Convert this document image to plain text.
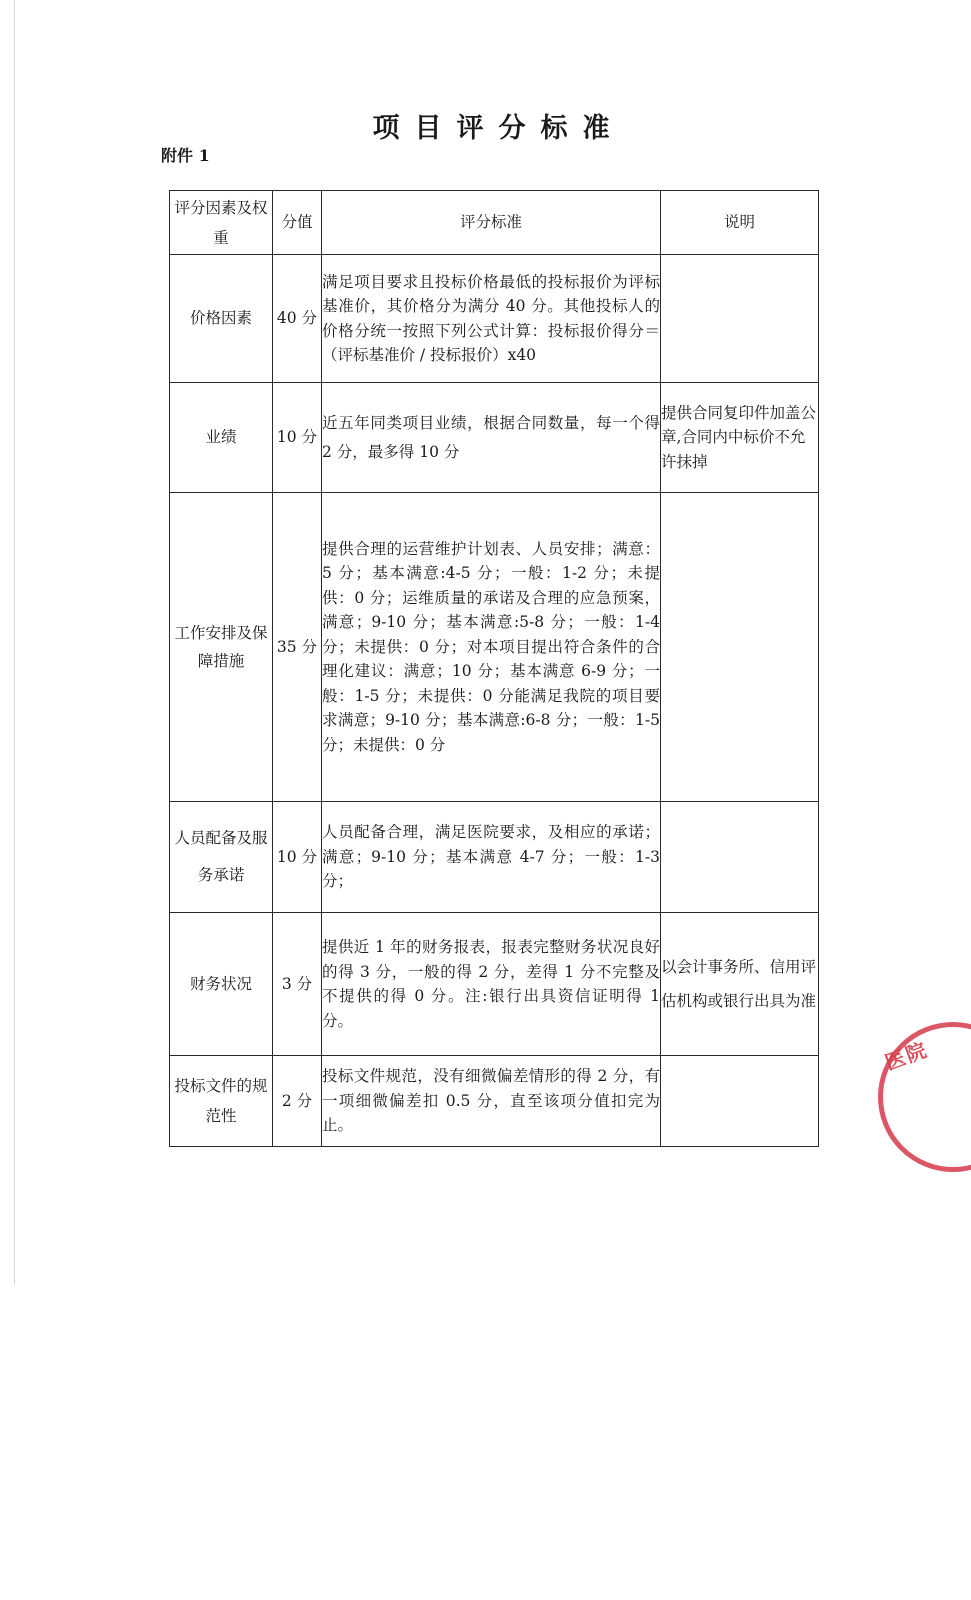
项目评分标准
附件 1
评分因素及权重	分值	评分标准	说明
价格因素	40 分	满足项目要求且投标价格最低的投标报价为评标基准价，其价格分为满分 40 分。其他投标人的价格分统一按照下列公式计算：投标报价得分＝（评标基准价 / 投标报价）x40	
业绩	10 分	近五年同类项目业绩，根据合同数量，每一个得 2 分，最多得 10 分	提供合同复印件加盖公章,合同内中标价不允许抹掉
工作安排及保障措施	35 分	提供合理的运营维护计划表、人员安排；满意： 5 分；基本满意:4-5 分；一般：1-2 分；未提供：0 分；运维质量的承诺及合理的应急预案，满意；9-10 分；基本满意:5-8 分；一般：1-4 分；未提供：0 分；对本项目提出符合条件的合理化建议：满意；10 分；基本满意 6-9 分；一般：1-5 分；未提供：0 分能满足我院的项目要求满意；9-10 分；基本满意:6-8 分；一般：1-5 分；未提供：0 分	
人员配备及服务承诺	10 分	人员配备合理，满足医院要求，及相应的承诺；满意；9-10 分；基本满意 4-7 分；一般：1-3 分；	
财务状况	3 分	提供近 1 年的财务报表，报表完整财务状况良好的得 3 分，一般的得 2 分，差得 1 分不完整及不提供的得 0 分。注:银行出具资信证明得 1 分。	以会计事务所、信用评估机构或银行出具为准
投标文件的规范性	2 分	投标文件规范，没有细微偏差情形的得 2 分，有一项细微偏差扣 0.5 分，直至该项分值扣完为止。	
医院
